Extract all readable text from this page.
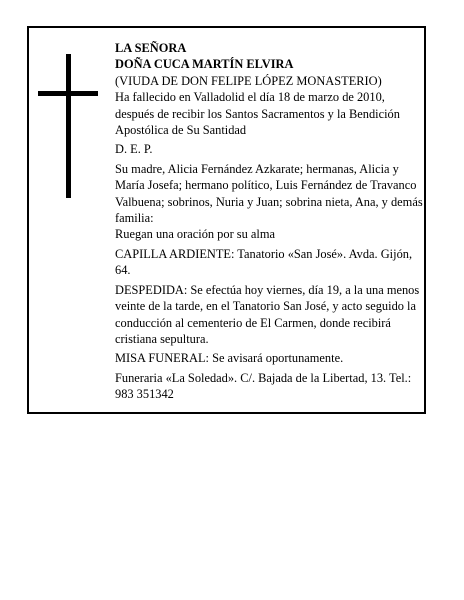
LA SEÑORA

DOÑA CUCA MARTÍN ELVIRA

(VIUDA DE DON FELIPE LÓPEZ MONASTERIO)

Ha fallecido en Valladolid el día 18 de marzo de 2010, después de recibir los Santos Sacramentos y la Bendición Apostólica de Su Santidad

D. E. P.

Su madre, Alicia Fernández Azkarate; hermanas, Alicia y María Josefa; hermano político, Luis Fernández de Travanco Valbuena; sobrinos, Nuria y Juan; sobrina nieta, Ana, y demás familia:

Ruegan una oración por su alma

CAPILLA ARDIENTE: Tanatorio «San José». Avda. Gijón, 64.

DESPEDIDA: Se efectúa hoy viernes, día 19, a la una menos veinte de la tarde, en el Tanatorio San José, y acto seguido la conducción al cementerio de El Carmen, donde recibirá cristiana sepultura.

MISA FUNERAL: Se avisará oportunamente.

Funeraria «La Soledad». C/. Bajada de la Libertad, 13. Tel.: 983 351342
